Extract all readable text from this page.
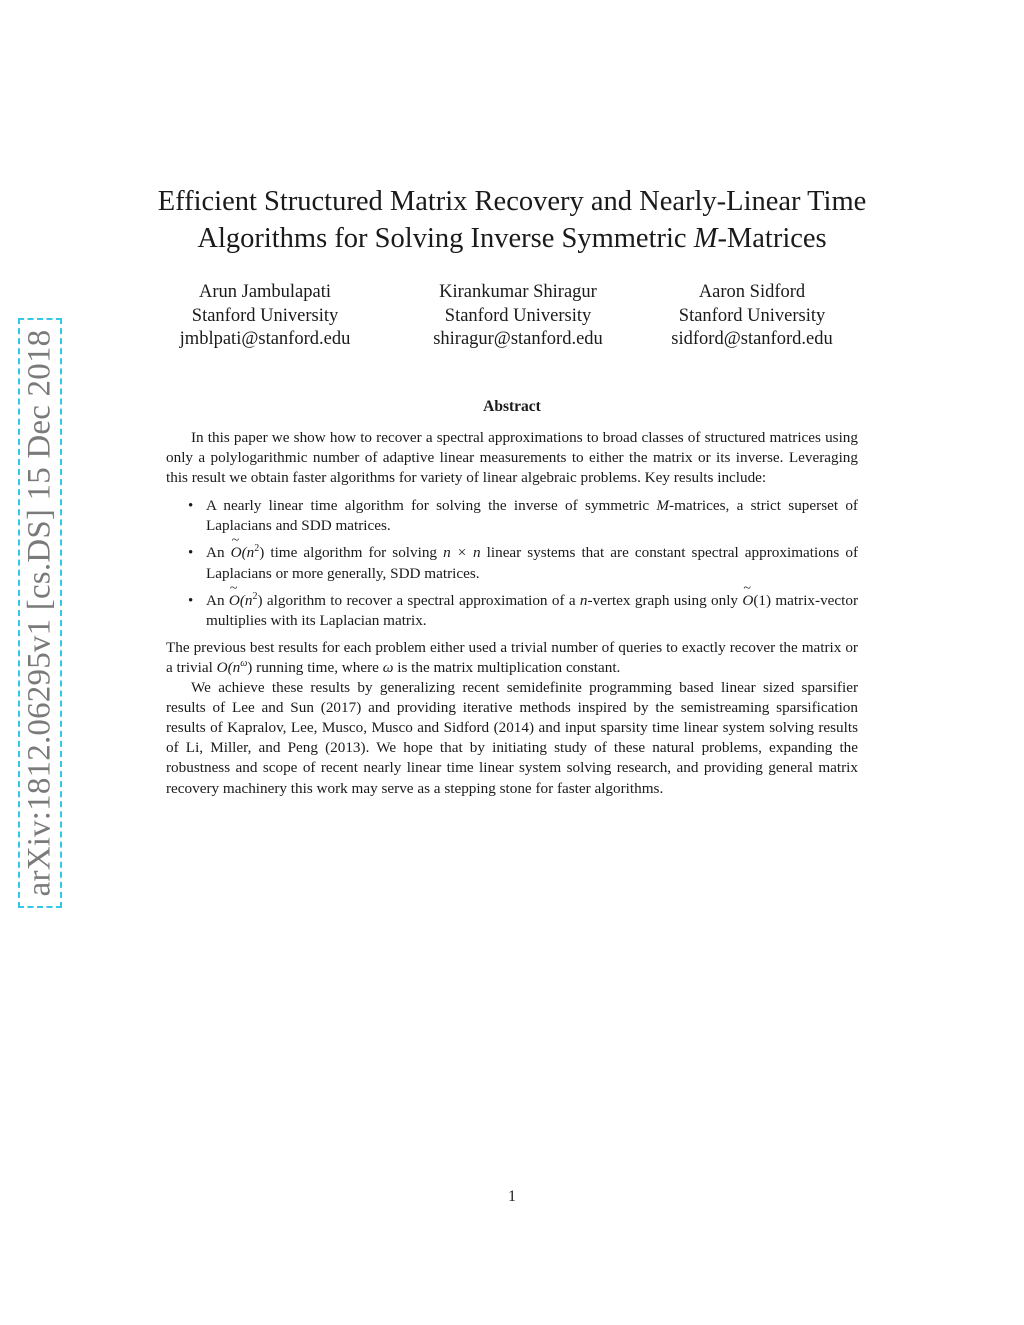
arXiv:1812.06295v1 [cs.DS] 15 Dec 2018
Efficient Structured Matrix Recovery and Nearly-Linear Time
Algorithms for Solving Inverse Symmetric M-Matrices
Arun Jambulapati
Stanford University
jmblpati@stanford.edu
Kirankumar Shiragur
Stanford University
shiragur@stanford.edu
Aaron Sidford
Stanford University
sidford@stanford.edu
Abstract

In this paper we show how to recover a spectral approximations to broad classes of structured matrices using only a polylogarithmic number of adaptive linear measurements to either the matrix or its inverse. Leveraging this result we obtain faster algorithms for variety of linear algebraic problems. Key results include:

• A nearly linear time algorithm for solving the inverse of symmetric M-matrices, a strict superset of Laplacians and SDD matrices.
• An ~ $O(n^2)$ time algorithm for solving n × n linear systems that are constant spectral approximations of Laplacians or more generally, SDD matrices.
• An ~ $O(n^2)$ algorithm to recover a spectral approximation of a n-vertex graph using only ~ O(1) matrix-vector multiplies with its Laplacian matrix.

The previous best results for each problem either used a trivial number of queries to exactly recover the matrix or a trivial $O(n^\omega)$ running time, where ω is the matrix multiplication constant.

We achieve these results by generalizing recent semidefinite programming based linear sized sparsifier results of Lee and Sun (2017) and providing iterative methods inspired by the semistreaming sparsification results of Kapralov, Lee, Musco, Musco and Sidford (2014) and input sparsity time linear system solving results of Li, Miller, and Peng (2013). We hope that by initiating study of these natural problems, expanding the robustness and scope of recent nearly linear time linear system solving research, and providing general matrix recovery machinery this work may serve as a stepping stone for faster algorithms.

1
